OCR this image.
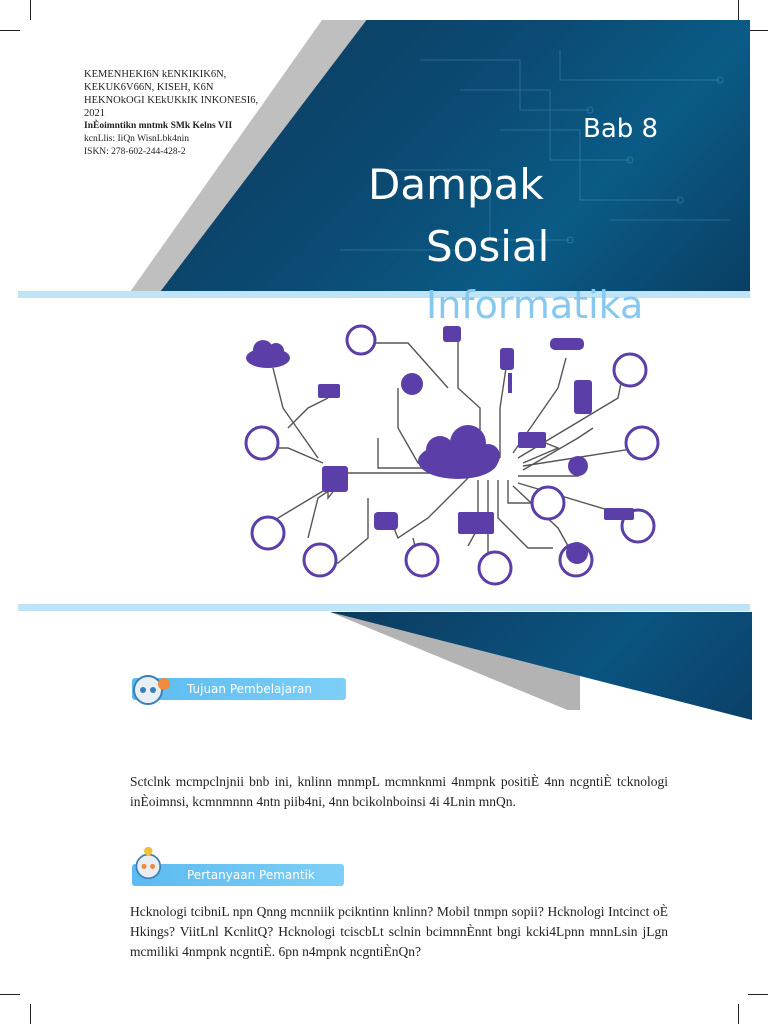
KEMENHEKI6N kENKIKIK6N,
KEKUK6V66N, KISEH, K6N
HEKNOkOGI KEkUKkIK INKONESI6,
2021
InÈoimntikn mntmk SMk Kelns VII
kcnLlis: IiQn WisnLbk4nin
ISKN: 278-602-244-428-2
Bab 8
Dampak
Sosial
Informatika
Tujuan Pembelajaran

Sctclnk mcmpclnjnii bnb ini, knlinn mnmpL mcmnknmi 4nmpnk positiÈ 4nn ncgntiÈ tcknologi inÈoimnsi, kcmnmnnn 4ntn piib4ni, 4nn bcikolnboinsi 4i 4Lnin mnQn.

Pertanyaan Pemantik

Hcknologi tcibniL npn Qnng mcnniik pcikntinn knlinn? Mobil tnmpn sopii? Hcknologi Intcinct oÈ Hkings? ViitLnl KcnlitQ? Hcknologi tciscbLt sclnin bcimnnÈnnt bngi kcki4Lpnn mnnLsin jLgn mcmiliki 4nmpnk ncgntiÈ. 6pn n4mpnk ncgntiÈnQn?
